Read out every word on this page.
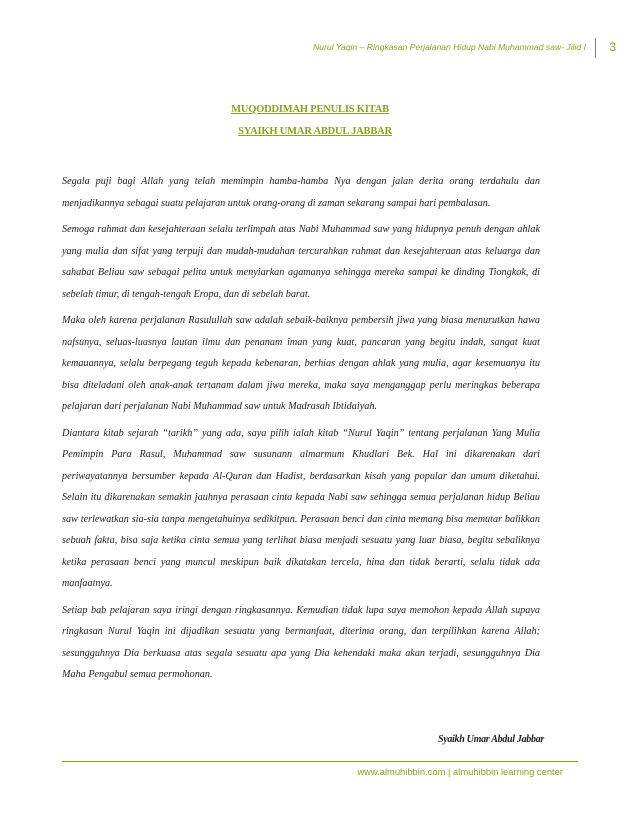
Nurul Yaqin – Ringkasan Perjalanan Hidup Nabi Muhammad saw- Jilid I 3
MUQODDIMAH PENULIS KITAB
SYAIKH UMAR ABDUL JABBAR

Segala puji bagi Allah yang telah memimpin hamba-hamba Nya dengan jalan derita orang terdahulu dan menjadikannya sebagai suatu pelajaran untuk orang-orang di zaman sekarang sampai hari pembalasan.

Semoga rahmat dan kesejahteraan selalu terlimpah atas Nabi Muhammad saw yang hidupnya penuh dengan ahlak yang mulia dan sifat yang terpuji dan mudah-mudahan tercurahkan rahmat dan kesejahteraan atas keluarga dan sahabat Beliau saw sebagai pelita untuk menyiarkan agamanya sehingga mereka sampai ke dinding Tiongkok, di sebelah timur, di tengah-tengah Eropa, dan di sebelah barat.

Maka oleh karena perjalanan Rasulullah saw adalah sebaik-baiknya pembersih jiwa yang biasa menurutkan hawa nafsunya, seluas-luasnya lautan ilmu dan penanam iman yang kuat, pancaran yang begitu indah, sangat kuat kemauannya, selalu berpegang teguh kepada kebenaran, berhias dengan ahlak yang mulia, agar kesemuanya itu bisa diteladani oleh anak-anak tertanam dalam jiwa mereka, maka saya menganggap perlu meringkas beberapa pelajaran dari perjalanan Nabi Muhammad saw untuk Madrasah Ibtidaiyah.

Diantara kitab sejarah “tarikh” yang ada, saya pilih ialah kitab “Nurul Yaqin” tentang perjalanan Yang Mulia Pemimpin Para Rasul, Muhammad saw susunann almarmum Khudlari Bek. Hal ini dikarenakan dari periwayatannya bersumber kepada Al-Quran dan Hadist, berdasarkan kisah yang popular dan umum diketahui. Selain itu dikarenakan semakin jauhnya perasaan cinta kepada Nabi saw sehingga semua perjalanan hidup Beliau saw terlewatkan sia-sia tanpa mengetahuinya sedikitpun. Perasaan benci dan cinta memang bisa memutar balikkan sebuah fakta, bisa saja ketika cinta semua yang terlihat biasa menjadi sesuatu yang luar biasa, begitu sebaliknya ketika perasaan benci yang muncul meskipun baik dikatakan tercela, hina dan tidak berarti, selalu tidak ada manfaatnya.

Setiap bab pelajaran saya iringi dengan ringkasannya. Kemudian tidak lupa saya memohon kepada Allah supaya ringkasan Nurul Yaqin ini dijadikan sesuatu yang bermanfaat, diterima orang, dan terpilihkan karena Allah; sesungguhnya Dia berkuasa atas segala sesuatu apa yang Dia kehendaki maka akan terjadi, sesungguhnya Dia Maha Pengabul semua permohonan.

Syaikh Umar Abdul Jabbar
www.almuhibbin.com | almuhibbin learning center
